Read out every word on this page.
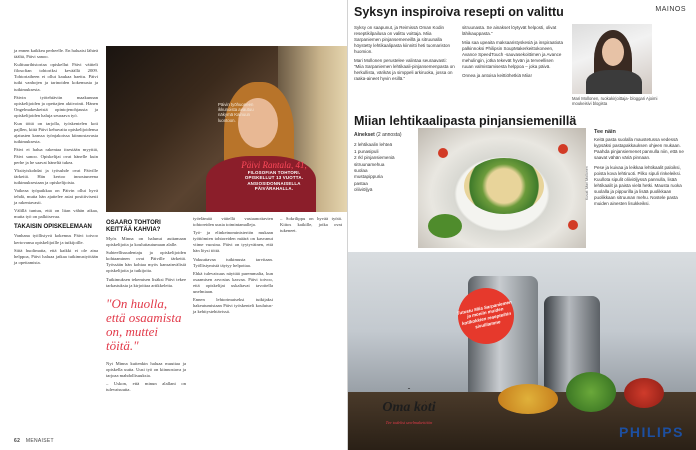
ja ennen kaikkea perheelle. En haluaisi lähteä täältä, Päivi sanoo.

Kulttuurihistoriaa opiskellut Päivi väitteli filosofian tohtoriksi keväällä 2009. Tohtoriaiheen ei ollut kaukaa haettu. Päivi tutki vanhojen ja tarinoiden kokemusta ja tutkimuksesta.

Päivin työtehtäviin maakunnan opiskelijoiden ja opettajien aktivointi. Hänen Ongelmakeskeistä opintojenohjausta ja opiskelijoiden haluja seuraava työ.

Kun töitä on tarjolla, työskentelen koti pajllen, kiitä Päivi kehuvaita opiskelijoidensa ajatusten kanssa työnjakoissa kiinnostavasta tutkimuksesta.

Päivi ei halua rakentaa itsestään myyttiä, Päivi sanoo. Opiskelijat ovat hänelle kuin perhe ja he saavat häneltä tukea.

Yksityiskohdat ja työsuhde ovat Päiville tärkeitä. Hän kertoo innostuneena tutkimuksestaan ja opiskelijoista.

Vaikeaa työpaikkaa on Päivin ollut hyvä tehdä, mutta hän ajattelee asiat positiivisesti ja rakentavasti.

Välillä tuntuu, että on liian vähän aikaa, mutta työ on palkitsevaa.

TAKAISIN OPISKELEMAAN

Vanhana työllistyvä kokemus Päivi toivoo kertovansa opiskelijoille ja tutkijoille.

Siitä huolimatta, että kaikki ei ole aina helppoa, Päivi haluaa jatkaa tutkimustyötään ja opettamista.

Päivin työhuoneen ikkunoista avautuu näkymä Kainuun luontoon.
Päivi Rantala, 41,
FILOSOFIAN TOHTORI. OPISKELLUT 13 VUOTTA. ANSIOSIDONNAISELLA PÄIVÄRAHALLA.
OSAARO TOHTORI KEITTÄÄ KAHVIA?

Myös Minna on halunut auttamaan opiskelijoita ja kouluttautumaan alalle.

Suhteellisuudentaju ja opiskelijoiden kohtaaminen ovat Päiville tärkeitä. Työssään hän kohtaa myös kansainvälisiä opiskelijoita ja tutkijoita.

Tutkimuksen tekemisen lisäksi Päivi tekee tarkastuksia ja kirjoittaa artikkeleita.

"On huolla, että osaamista on, muttei töitä."

Nyt Minna kuitenkin haluaa muuttaa ja opiskella uutta. Uusi työ on kiinnostava ja tarjoaa mahdollisuuksia.

– Uskon, että minun alallani on tulevaisuutta.

työelämää väitellä vastaanottavien tohtoreiden uusia toimintamalleja.

Työ- ja elinkeinoministeriön mukaan työttömien tohtoreiden määrä on kasvanut viime vuosina. Päivi on tyytyväinen, että hän löysi töitä.

Vakuuttavaa tutkimusta tarvitaan. Työllistymistä täytyy helpottaa.

Ehkä tulevaisuus näyttää paremmalta, kun osaamisen arvostus kasvaa. Päivi toivoo, että opiskelijat uskaltavat tavoitella unelmiaan.

Ennen lehtorimaiseksi tutkijaksi hakeutumistaan Päivi työskenteli koulutus- ja kehitystehtävissä.

– Sokrilippu on hyvää työtä. Kiitos kaikille, jotka ovat tukeneet.

62 MENAISET
MAINOS
Syksyn inspiroiva resepti on valittu

Syksy on saapunut, ja Reimissä Oman Kodin reseptikilpailusa on valittu voittaja. Miia Sarpaniemen pinjansemeneillä ja sitruunalla höystetty lehtikaalipasta kiinnitti heti tuomariston huomion.

Mari Mollonen perustelee valintaa seuraavasti: ”Miia Sarpaniemen lehtikaali-pinjansemenpasta on herkullista, värikäs ja simppeli arkiruoka, jossa on raaka-aineet hyvin esillä.”

sitruunasta. Se ainakset löytyvät helposti, olivat lähikauppasta.”

Miia saa upeaita maksaaristyskesiä ja inspiraatiota palkinnoksi Philipsin SoupMakerkeittokoneen, Avance SpeedTouch -sauvasekoittimen ja Avance mehulingin, jotka tekevät hyvän ja terveellisen ruuan valmistamisesta helppoa – joka päivä.

Onnea ja antoisa keittiöhetkiä Miia!

Mari Mollonen, ruokakirjoittaja- bloggari Ajoimi moukeisivi blogista
Miian lehtikaalipasta pinjansiemenillä
Ainekset (2 annosta)
2 lehtikaalin lehteä
1 punasipuli
2 rkl pinjansiemeniä
sitruunamehua
suolaa
mustapippuria
pastaa
oliiviöljyä	Kuvat: Mari Mollonen
Tee näin

Keitä pasta suolalla maustetussa vedessä kypsäksi pastapakkauksen ohjeen mukaan. Paahda pinjansiemenet pannulla niin, että ne saavat vähän väriä pinnaan.

Pese ja kuivaa ja leikkaa lehtikaalit paloiksi, poista kova lehtiruoti. Pilko sipuli rinkeleiksi. Kuullota sipulit oliiviöljyssä pannulla, lisää lehtikaalit ja paista vielä hetki. Mausta ruoka suolalla ja pippurilla ja lisää puolikkaan puolikkaan sitruunan mehu. Nostele pasta muiden ainesten lisukkeiksi.

Tutustu Miia Sarpaniemen ja moniin muiden kotikokkien resepteihin sivuillamme
Oma koti
Tee todeksi unelmakeittiön
PHILIPS
